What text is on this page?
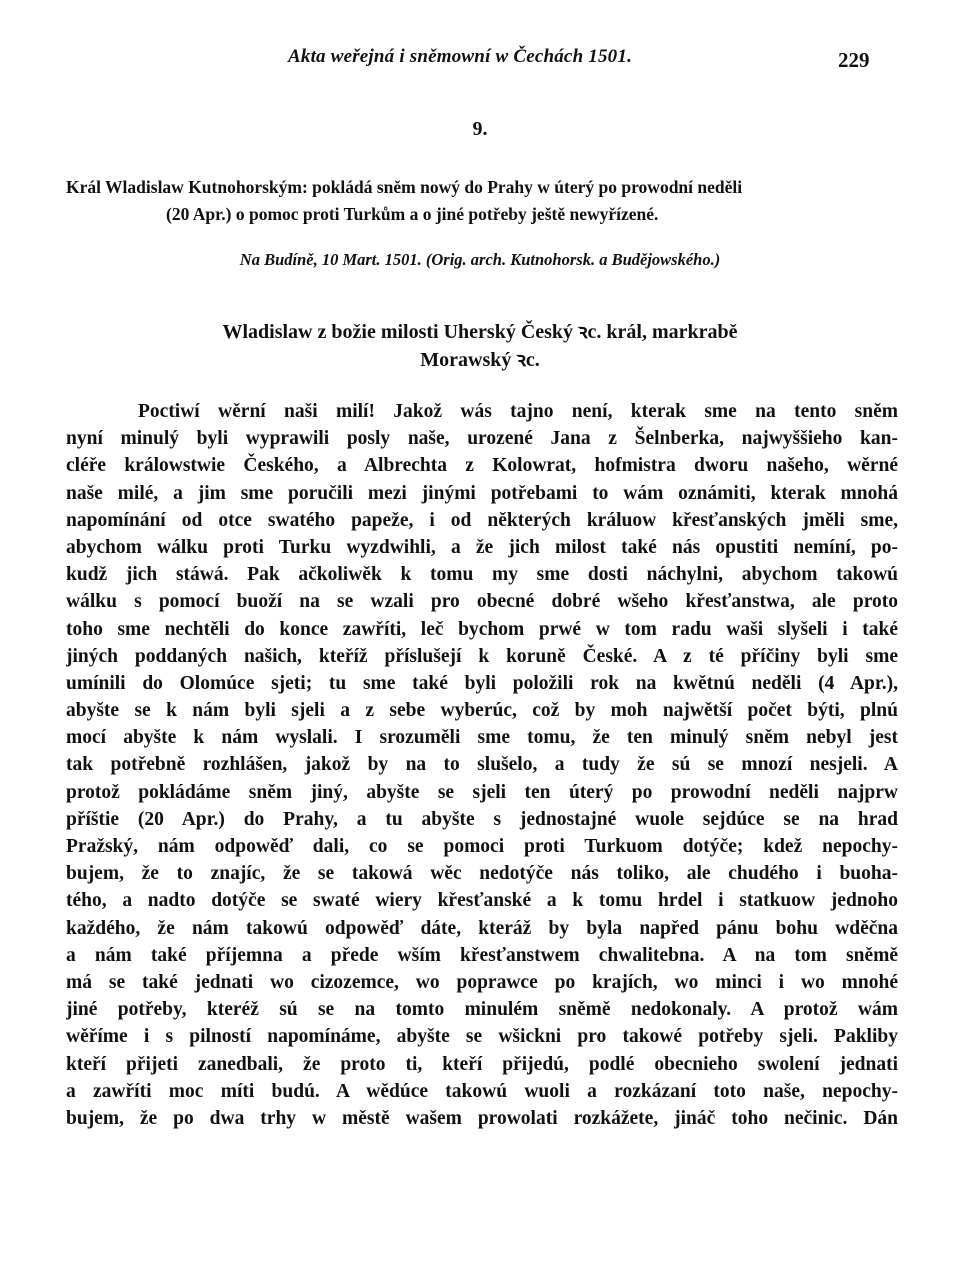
Akta weřejná i sněmowní w Čechách 1501.	229
9.
Král Wladislaw Kutnohorským: pokládá sněm nowý do Prahy w úterý po prowodní neděli
(20 Apr.) o pomoc proti Turkům a o jiné potřeby ještě newyřízené.
Na Budíně, 10 Mart. 1501. (Orig. arch. Kutnohorsk. a Budějowského.)
Wladislaw z božie milosti Uherský Český ꝛc. král, markrabě
Morawský ꝛc.
Poctiwí wěrní naši milí! Jakož wás tajno není, kterak sme na tento sněm
nyní minulý byli wyprawili posly naše, urozené Jana z Šelnberka, najwyššieho kan-
cléře králowstwie Českého, a Albrechta z Kolowrat, hofmistra dworu našeho, wěrné
naše milé, a jim sme poručili mezi jinými potřebami to wám oznámiti, kterak mnohá
napomínání od otce swatého papeže, i od některých králuow křesťanských jměli sme,
abychom wálku proti Turku wyzdwihli, a že jich milost také nás opustiti nemíní, po-
kudž jich stáwá. Pak ačkoliwěk k tomu my sme dosti náchylni, abychom takowú
wálku s pomocí buoží na se wzali pro obecné dobré wšeho křesťanstwa, ale proto
toho sme nechtěli do konce zawříti, leč bychom prwé w tom radu waši slyšeli i také
jiných poddaných našich, kteříž příslušejí k koruně České. A z té příčiny byli sme
umínili do Olomúce sjeti; tu sme také byli položili rok na kwětnú neděli (4 Apr.),
abyšte se k nám byli sjeli a z sebe wyberúc, což by moh najwětší počet býti, plnú
mocí abyšte k nám wyslali. I srozuměli sme tomu, že ten minulý sněm nebyl jest
tak potřebně rozhlášen, jakož by na to slušelo, a tudy že sú se mnozí nesjeli. A
protož pokládáme sněm jiný, abyšte se sjeli ten úterý po prowodní neděli najprw
příštie (20 Apr.) do Prahy, a tu abyšte s jednostajné wuole sejdúce se na hrad
Pražský, nám odpowěď dali, co se pomoci proti Turkuom dotýče; kdež nepochy-
bujem, že to znajíc, že se takowá wěc nedotýče nás toliko, ale chudého i buoha-
tého, a nadto dotýče se swaté wiery křesťanské a k tomu hrdel i statkuow jednoho
každého, že nám takowú odpowěď dáte, kteráž by byla napřed pánu bohu wděčna
a nám také příjemna a předе wším křesťanstwem chwalitebna. A na tom sněmě
má se také jednati wo cizozemce, wo poprawce po krajích, wo minci i wo mnohé
jiné potřeby, kteréž sú se na tomto minulém sněmě nedokonaly. A protož wám
wěříme i s pilností napomínáme, abyšte se wšickni pro takowé potřeby sjeli. Pakliby
kteří přijeti zanedbali, že proto ti, kteří přijedú, podlé obecnieho swolení jednati
a zawříti moc míti budú. A wědúce takowú wuoli a rozkázaní toto naše, nepochy-
bujem, že po dwa trhy w městě wašem prowolati rozkážete, jináč toho nečinic. Dán
